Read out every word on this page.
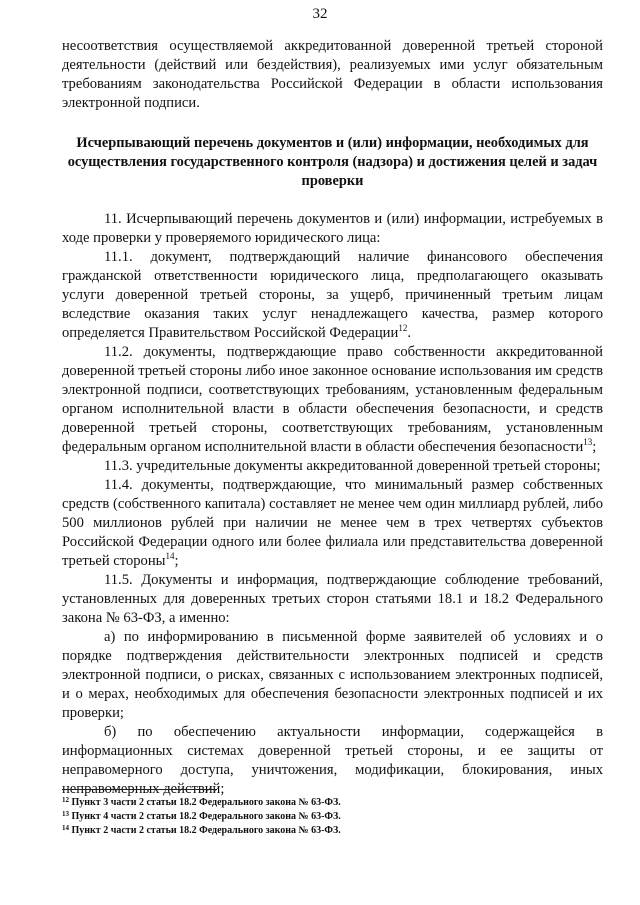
32

несоответствия осуществляемой аккредитованной доверенной третьей стороной деятельности (действий или бездействия), реализуемых ими услуг обязательным требованиям законодательства Российской Федерации в области использования электронной подписи.

Исчерпывающий перечень документов и (или) информации, необходимых для осуществления государственного контроля (надзора) и достижения целей и задач проверки

11. Исчерпывающий перечень документов и (или) информации, истребуемых в ходе проверки у проверяемого юридического лица:

11.1. документ, подтверждающий наличие финансового обеспечения гражданской ответственности юридического лица, предполагающего оказывать услуги доверенной третьей стороны, за ущерб, причиненный третьим лицам вследствие оказания таких услуг ненадлежащего качества, размер которого определяется Правительством Российской Федерации$^{12}$.

11.2. документы, подтверждающие право собственности аккредитованной доверенной третьей стороны либо иное законное основание использования им средств электронной подписи, соответствующих требованиям, установленным федеральным органом исполнительной власти в области обеспечения безопасности, и средств доверенной третьей стороны, соответствующих требованиям, установленным федеральным органом исполнительной власти в области обеспечения безопасности$^{13}$;

11.3. учредительные документы аккредитованной доверенной третьей стороны;

11.4. документы, подтверждающие, что минимальный размер собственных средств (собственного капитала) составляет не менее чем один миллиард рублей, либо 500 миллионов рублей при наличии не менее чем в трех четвертях субъектов Российской Федерации одного или более филиала или представительства доверенной третьей стороны$^{14}$;

11.5. Документы и информация, подтверждающие соблюдение требований, установленных для доверенных третьих сторон статьями 18.1 и 18.2 Федерального закона № 63-ФЗ, а именно:

а) по информированию в письменной форме заявителей об условиях и о порядке подтверждения действительности электронных подписей и средств электронной подписи, о рисках, связанных с использованием электронных подписей, и о мерах, необходимых для обеспечения безопасности электронных подписей и их проверки;

б) по обеспечению актуальности информации, содержащейся в информационных системах доверенной третьей стороны, и ее защиты от неправомерного доступа, уничтожения, модификации, блокирования, иных неправомерных действий;

$^{12}$ Пункт 3 части 2 статьи 18.2 Федерального закона № 63-ФЗ.
$^{13}$ Пункт 4 части 2 статьи 18.2 Федерального закона № 63-ФЗ.
$^{14}$ Пункт 2 части 2 статьи 18.2 Федерального закона № 63-ФЗ.
